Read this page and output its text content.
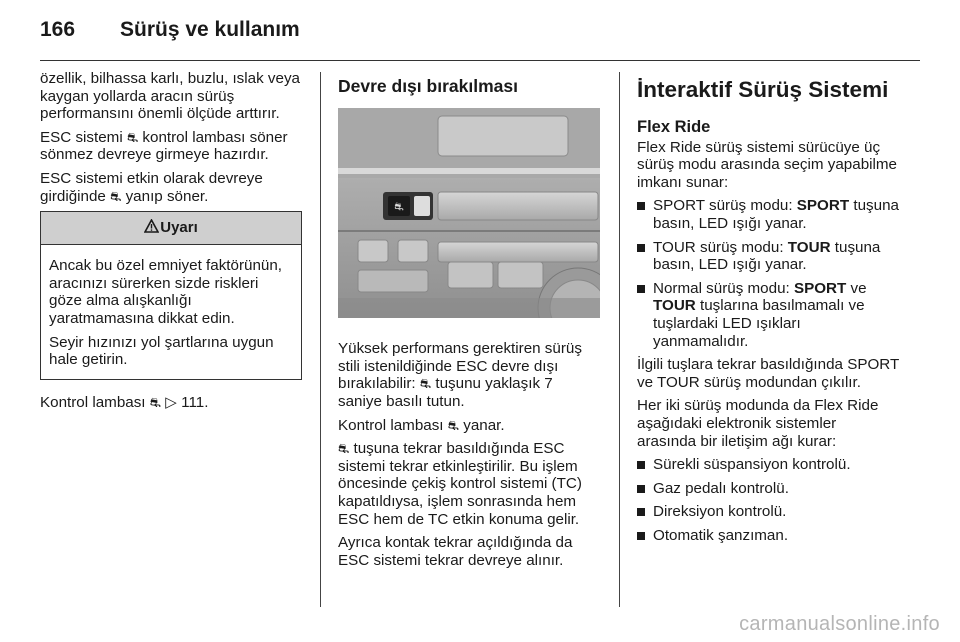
166 Sürüş ve kullanım

özellik, bilhassa karlı, buzlu, ıslak veya kaygan yollarda aracın sürüş performansını önemli ölçüde arttırır.

ESC sistemi ⛐ kontrol lambası söner sönmez devreye girmeye hazırdır.

ESC sistemi etkin olarak devreye girdiğinde ⛐ yanıp söner.

Uyarı

Ancak bu özel emniyet faktörünün, aracınızı sürerken sizde riskleri göze alma alışkanlığı yaratmamasına dikkat edin.

Seyir hızınızı yol şartlarına uygun hale getirin.

Kontrol lambası ⛐ ▷ 111.

Devre dışı bırakılması
⛐

Yüksek performans gerektiren sürüş stili istenildiğinde ESC devre dışı bırakılabilir: ⛐ tuşunu yaklaşık 7 saniye basılı tutun.

Kontrol lambası ⛐ yanar.

⛐ tuşuna tekrar basıldığında ESC sistemi tekrar etkinleştirilir. Bu işlem öncesinde çekiş kontrol sistemi (TC) kapatıldıysa, işlem sonrasında hem ESC hem de TC etkin konuma gelir.

Ayrıca kontak tekrar açıldığında da ESC sistemi tekrar devreye alınır.

İnteraktif Sürüş Sistemi
Flex Ride

Flex Ride sürüş sistemi sürücüye üç sürüş modu arasında seçim yapabilme imkanı sunar:

SPORT sürüş modu: SPORT tuşuna basın, LED ışığı yanar.
TOUR sürüş modu: TOUR tuşuna basın, LED ışığı yanar.
Normal sürüş modu: SPORT ve TOUR tuşlarına basılmamalı ve tuşlardaki LED ışıkları yanmamalıdır.

İlgili tuşlara tekrar basıldığında SPORT ve TOUR sürüş modundan çıkılır.

Her iki sürüş modunda da Flex Ride aşağıdaki elektronik sistemler arasında bir iletişim ağı kurar:

Sürekli süspansiyon kontrolü.
Gaz pedalı kontrolü.
Direksiyon kontrolü.
Otomatik şanzıman.
carmanualsonline.info
